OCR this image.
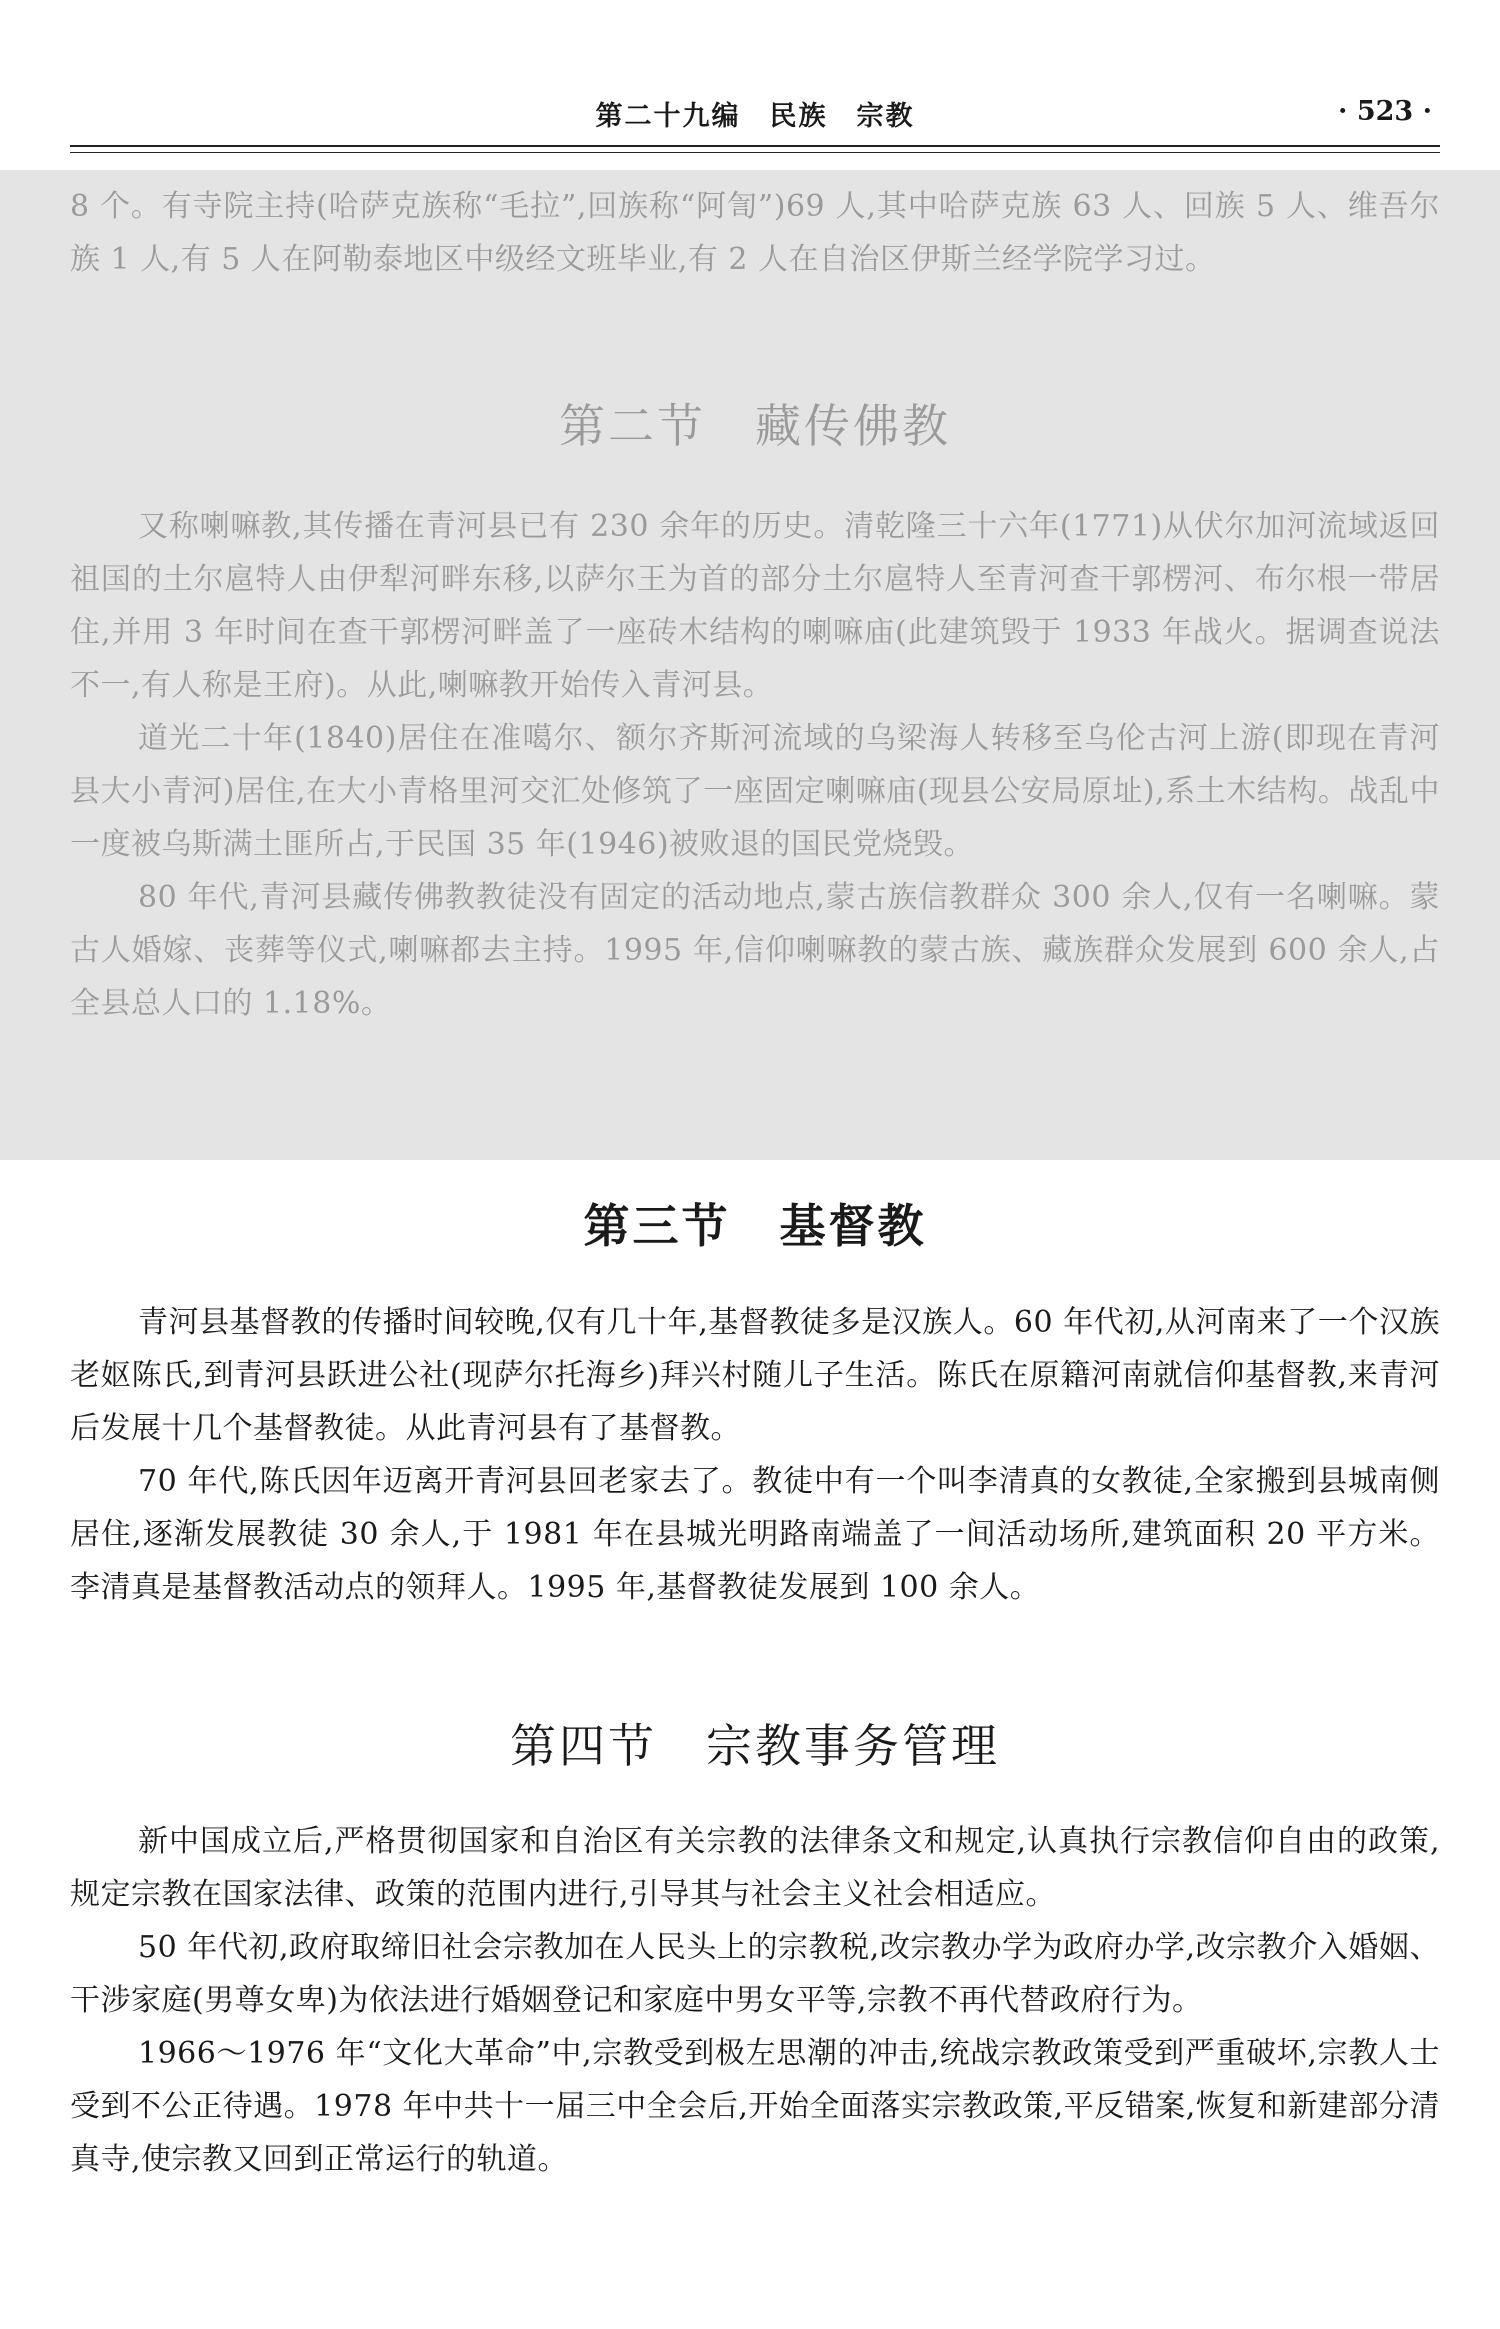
第二十九编　民族　宗教	· 523 ·

8 个。有寺院主持(哈萨克族称“毛拉”,回族称“阿訇”)69 人,其中哈萨克族 63 人、回族 5 人、维吾尔族 1 人,有 5 人在阿勒泰地区中级经文班毕业,有 2 人在自治区伊斯兰经学院学习过。

第二节　藏传佛教

又称喇嘛教,其传播在青河县已有 230 余年的历史。清乾隆三十六年(1771)从伏尔加河流域返回祖国的土尔扈特人由伊犁河畔东移,以萨尔王为首的部分土尔扈特人至青河查干郭楞河、布尔根一带居住,并用 3 年时间在查干郭楞河畔盖了一座砖木结构的喇嘛庙(此建筑毁于 1933 年战火。据调查说法不一,有人称是王府)。从此,喇嘛教开始传入青河县。

道光二十年(1840)居住在准噶尔、额尔齐斯河流域的乌梁海人转移至乌伦古河上游(即现在青河县大小青河)居住,在大小青格里河交汇处修筑了一座固定喇嘛庙(现县公安局原址),系土木结构。战乱中一度被乌斯满土匪所占,于民国 35 年(1946)被败退的国民党烧毁。

80 年代,青河县藏传佛教教徒没有固定的活动地点,蒙古族信教群众 300 余人,仅有一名喇嘛。蒙古人婚嫁、丧葬等仪式,喇嘛都去主持。1995 年,信仰喇嘛教的蒙古族、藏族群众发展到 600 余人,占全县总人口的 1.18%。

第三节　基督教

青河县基督教的传播时间较晚,仅有几十年,基督教徒多是汉族人。60 年代初,从河南来了一个汉族老妪陈氏,到青河县跃进公社(现萨尔托海乡)拜兴村随儿子生活。陈氏在原籍河南就信仰基督教,来青河后发展十几个基督教徒。从此青河县有了基督教。

70 年代,陈氏因年迈离开青河县回老家去了。教徒中有一个叫李清真的女教徒,全家搬到县城南侧居住,逐渐发展教徒 30 余人,于 1981 年在县城光明路南端盖了一间活动场所,建筑面积 20 平方米。李清真是基督教活动点的领拜人。1995 年,基督教徒发展到 100 余人。

第四节　宗教事务管理

新中国成立后,严格贯彻国家和自治区有关宗教的法律条文和规定,认真执行宗教信仰自由的政策,规定宗教在国家法律、政策的范围内进行,引导其与社会主义社会相适应。

50 年代初,政府取缔旧社会宗教加在人民头上的宗教税,改宗教办学为政府办学,改宗教介入婚姻、干涉家庭(男尊女卑)为依法进行婚姻登记和家庭中男女平等,宗教不再代替政府行为。

1966～1976 年“文化大革命”中,宗教受到极左思潮的冲击,统战宗教政策受到严重破坏,宗教人士受到不公正待遇。1978 年中共十一届三中全会后,开始全面落实宗教政策,平反错案,恢复和新建部分清真寺,使宗教又回到正常运行的轨道。
